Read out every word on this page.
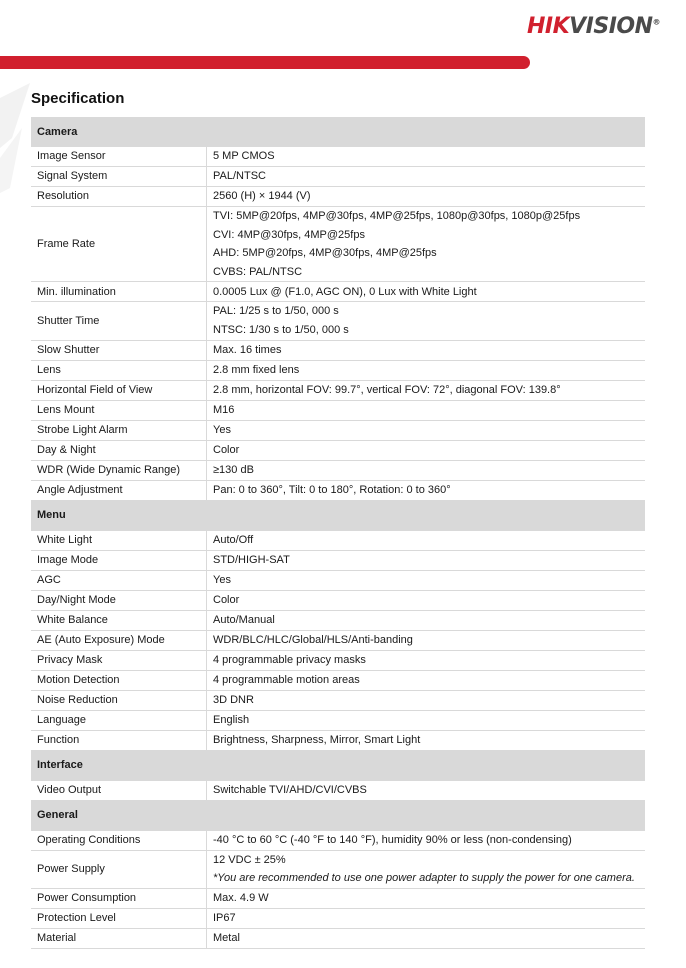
HIKVISION®
Specification
Camera	
Image Sensor	5 MP CMOS

Signal System	PAL/NTSC

Resolution	2560 (H) × 1944 (V)

Frame Rate	TVI: 5MP@20fps, 4MP@30fps, 4MP@25fps, 1080p@30fps, 1080p@25fps
CVI: 4MP@30fps, 4MP@25fps
AHD: 5MP@20fps, 4MP@30fps, 4MP@25fps
CVBS: PAL/NTSC

Min. illumination	0.0005 Lux @ (F1.0, AGC ON), 0 Lux with White Light

Shutter Time	PAL: 1/25 s to 1/50, 000 s
NTSC: 1/30 s to 1/50, 000 s

Slow Shutter	Max. 16 times

Lens	2.8 mm fixed lens

Horizontal Field of View	2.8 mm, horizontal FOV: 99.7°, vertical FOV: 72°, diagonal FOV: 139.8°

Lens Mount	M16

Strobe Light Alarm	Yes

Day & Night	Color

WDR (Wide Dynamic Range)	≥130 dB

Angle Adjustment	Pan: 0 to 360°, Tilt: 0 to 180°, Rotation: 0 to 360°

Menu	
White Light	Auto/Off

Image Mode	STD/HIGH-SAT

AGC	Yes

Day/Night Mode	Color

White Balance	Auto/Manual

AE (Auto Exposure) Mode	WDR/BLC/HLC/Global/HLS/Anti-banding

Privacy Mask	4 programmable privacy masks

Motion Detection	4 programmable motion areas

Noise Reduction	3D DNR

Language	English

Function	Brightness, Sharpness, Mirror, Smart Light

Interface	
Video Output	Switchable TVI/AHD/CVI/CVBS

General	
Operating Conditions	-40 °C to 60 °C (-40 °F to 140 °F), humidity 90% or less (non-condensing)

Power Supply	12 VDC ± 25%
*You are recommended to use one power adapter to supply the power for one camera.

Power Consumption	Max. 4.9 W

Protection Level	IP67

Material	Metal
